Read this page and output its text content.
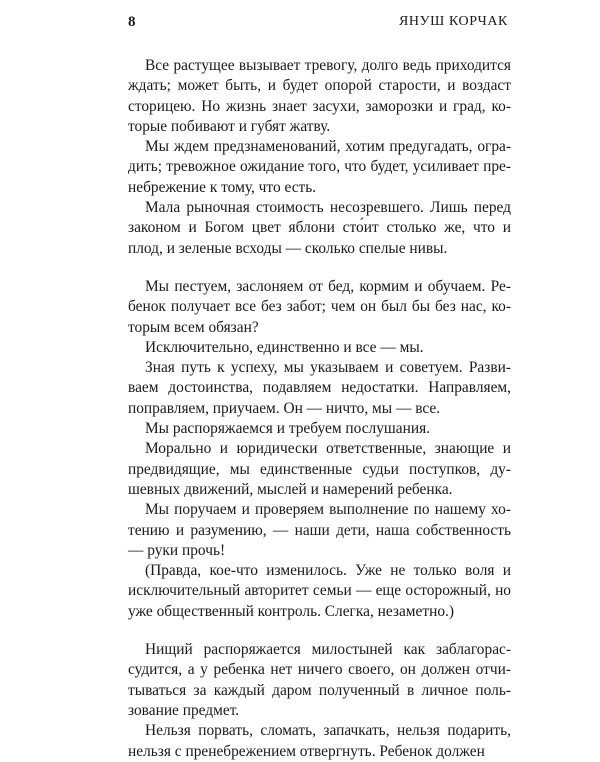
8	ЯНУШ КОРЧАК

Все растущее вызывает тревогу, долго ведь приходится ждать; может быть, и будет опорой старости, и воздаст сторицею. Но жизнь знает засухи, заморозки и град, которые побивают и губят жатву.

Мы ждем предзнаменований, хотим предугадать, оградить; тревожное ожидание того, что будет, усиливает пренебрежение к тому, что есть.

Мала рыночная стоимость несозревшего. Лишь перед законом и Богом цвет яблони сто́ит столько же, что и плод, и зеленые всходы — сколько спелые нивы.

Мы пестуем, заслоняем от бед, кормим и обучаем. Ребенок получает все без забот; чем он был бы без нас, которым всем обязан?

Исключительно, единственно и все — мы.

Зная путь к успеху, мы указываем и советуем. Развиваем достоинства, подавляем недостатки. Направляем, поправляем, приучаем. Он — ничто, мы — все.

Мы распоряжаемся и требуем послушания.

Морально и юридически ответственные, знающие и предвидящие, мы единственные судьи поступков, душевных движений, мыслей и намерений ребенка.

Мы поручаем и проверяем выполнение по нашему хотению и разумению, — наши дети, наша собственность — руки прочь!

(Правда, кое-что изменилось. Уже не только воля и исключительный авторитет семьи — еще осторожный, но уже общественный контроль. Слегка, незаметно.)

Нищий распоряжается милостыней как заблагорассудится, а у ребенка нет ничего своего, он должен отчитываться за каждый даром полученный в личное пользование предмет.

Нельзя порвать, сломать, запачкать, нельзя подарить, нельзя с пренебрежением отвергнуть. Ребенок должен
